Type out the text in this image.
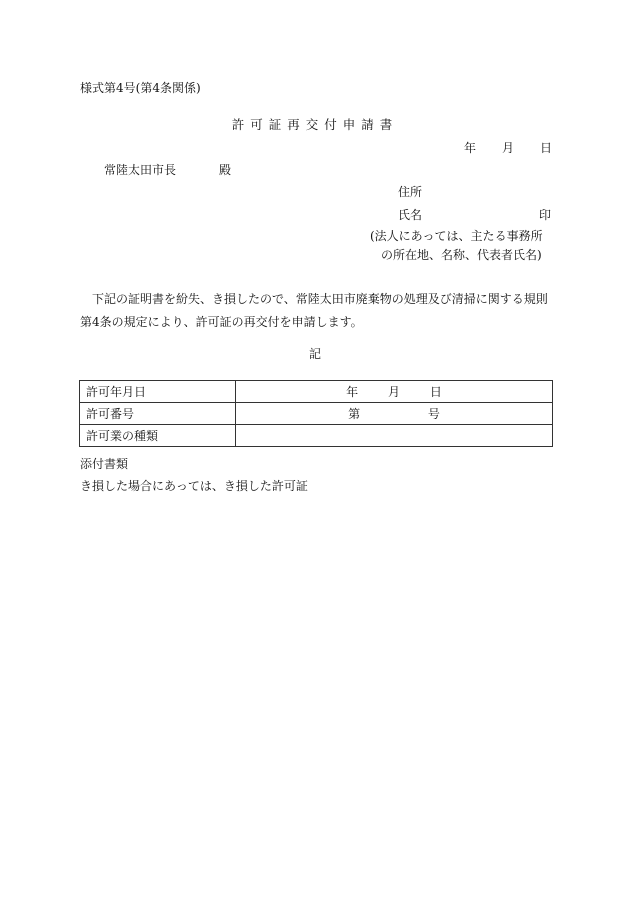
様式第4号(第4条関係)
許可証再交付申請書
年	月	日
常陸太田市長	殿
住所
氏名	印
(法人にあっては、主たる事務所
の所在地、名称、代表者氏名)
下記の証明書を紛失、き損したので、常陸太田市廃棄物の処理及び清掃に関する規則第4条の規定により、許可証の再交付を申請します。
記
許可年月日	年 月 日
許可番号	第 号
許可業の種類	
添付書類
き損した場合にあっては、き損した許可証
